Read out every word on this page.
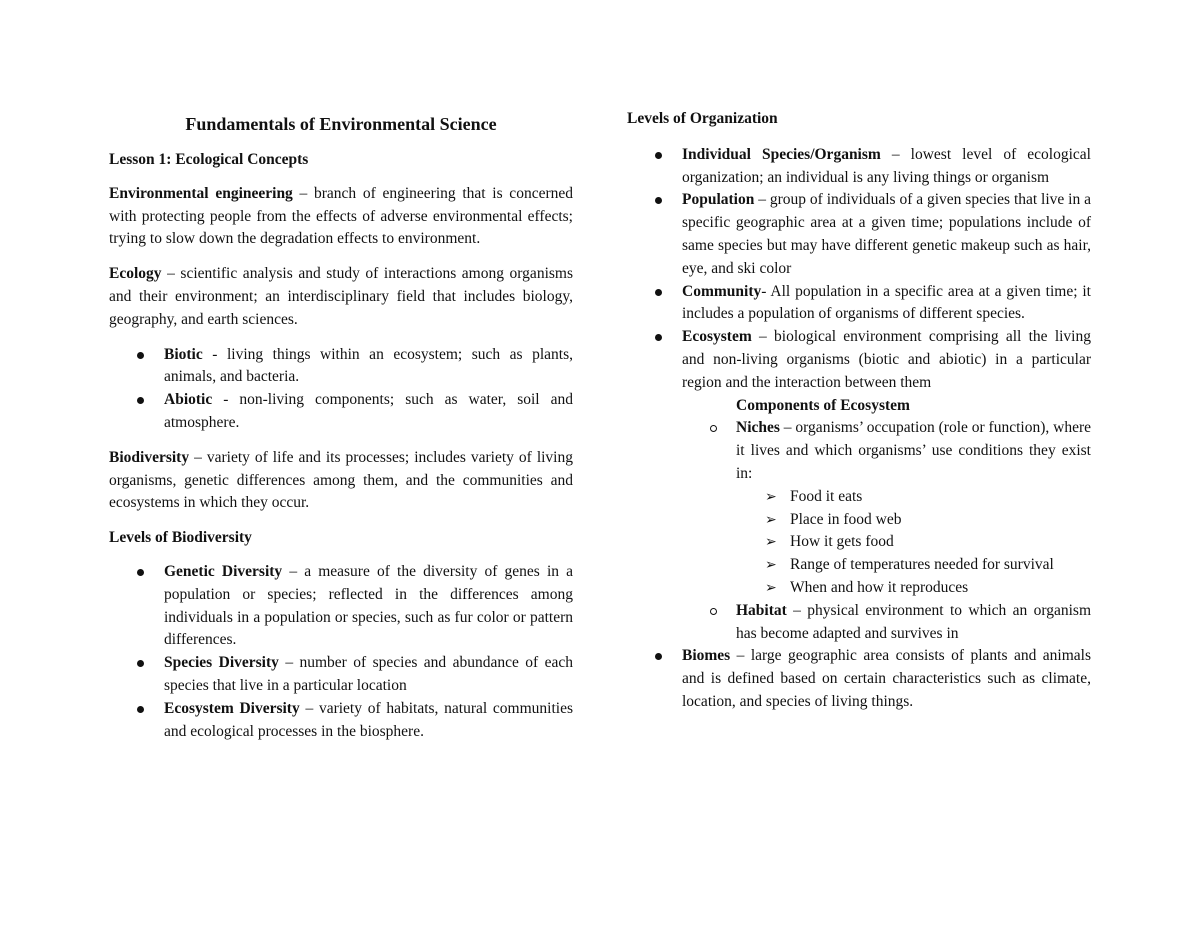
Fundamentals of Environmental Science

Lesson 1: Ecological Concepts

Environmental engineering – branch of engineering that is concerned with protecting people from the effects of adverse environmental effects; trying to slow down the degradation effects to environment.

Ecology – scientific analysis and study of interactions among organisms and their environment; an interdisciplinary field that includes biology, geography, and earth sciences.

Biotic - living things within an ecosystem; such as plants, animals, and bacteria.
Abiotic - non-living components; such as water, soil and atmosphere.

Biodiversity – variety of life and its processes; includes variety of living organisms, genetic differences among them, and the communities and ecosystems in which they occur.

Levels of Biodiversity

Genetic Diversity – a measure of the diversity of genes in a population or species; reflected in the differences among individuals in a population or species, such as fur color or pattern differences.
Species Diversity – number of species and abundance of each species that live in a particular location
Ecosystem Diversity – variety of habitats, natural communities and ecological processes in the biosphere.

Levels of Organization

Individual Species/Organism – lowest level of ecological organization; an individual is any living things or organism
Population – group of individuals of a given species that live in a specific geographic area at a given time; populations include of same species but may have different genetic makeup such as hair, eye, and ski color
Community- All population in a specific area at a given time; it includes a population of organisms of different species.
Ecosystem – biological environment comprising all the living and non-living organisms (biotic and abiotic) in a particular region and the interaction between them

Components of Ecosystem

Niches – organisms’ occupation (role or function), where it lives and which organisms’ use conditions they exist in:
➢ Food it eats
➢ Place in food web
➢ How it gets food
➢ Range of temperatures needed for survival
➢ When and how it reproduces
Habitat – physical environment to which an organism has become adapted and survives in
Biomes – large geographic area consists of plants and animals and is defined based on certain characteristics such as climate, location, and species of living things.
